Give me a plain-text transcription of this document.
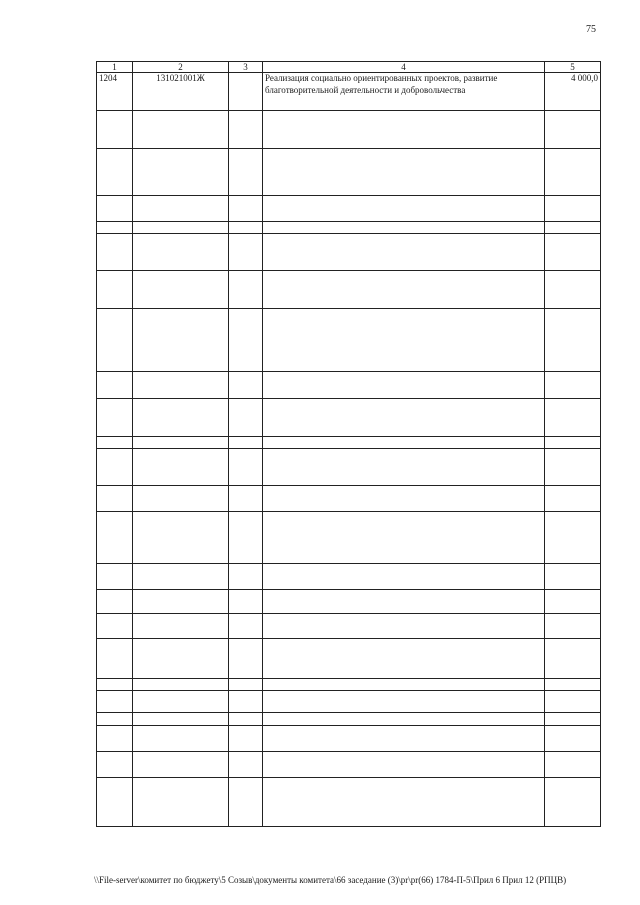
75
1	2	3	4	5
1204	131021001Ж		Реализация социально ориентированных проектов, развитие благотворительной деятельности и добровольчества	4 000,0

\\File-server\комитет по бюджету\5 Созыв\документы комитета\66 заседание (3)\pr\pr(66) 1784-П-5\Прил 6 Прил 12 (РПЦВ)
